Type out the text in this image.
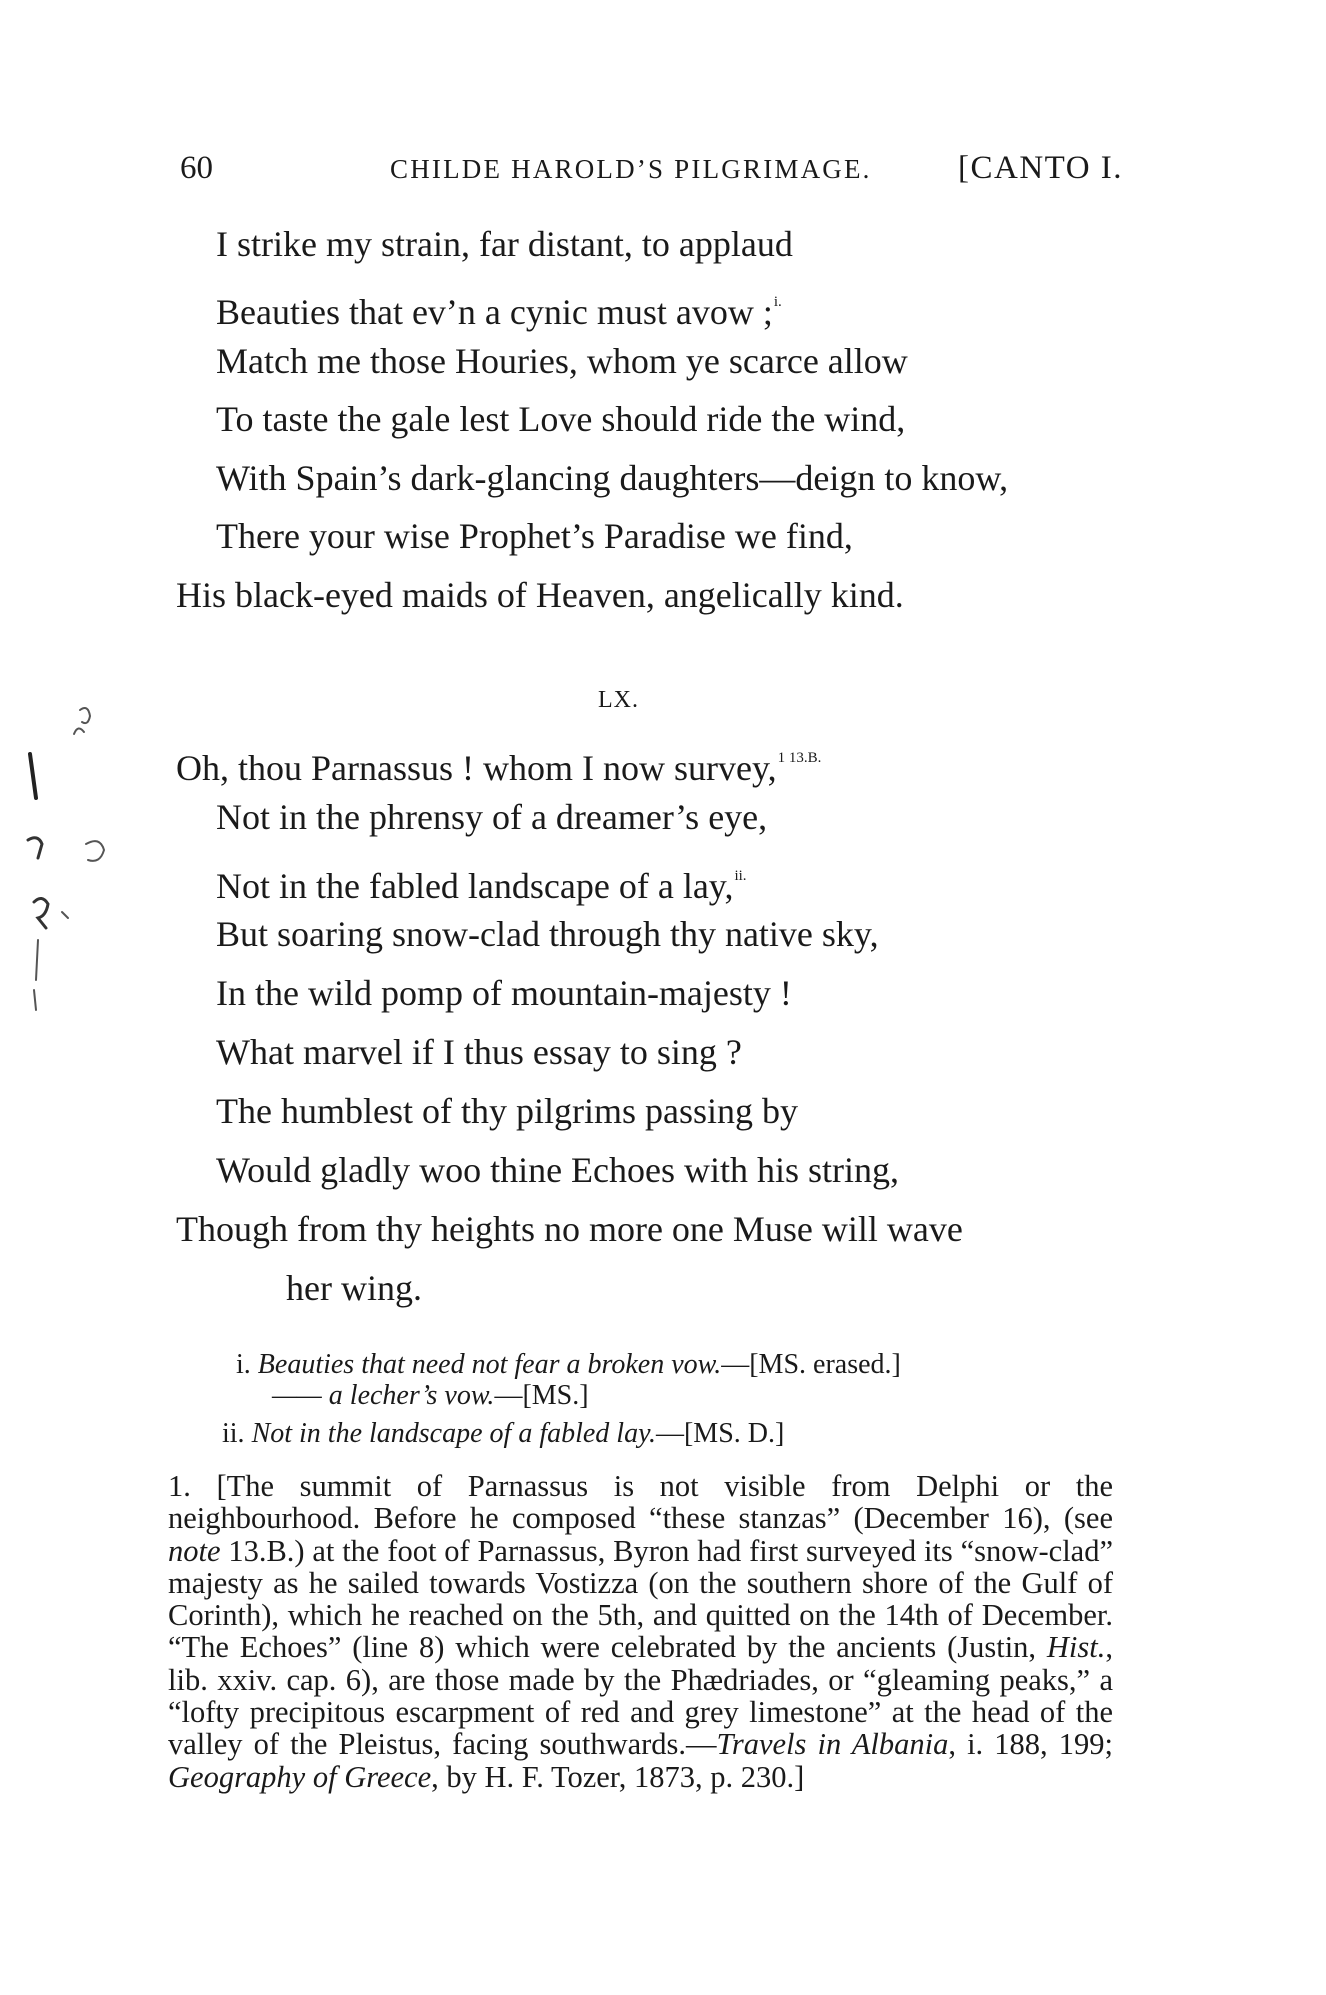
60	CHILDE HAROLD’S PILGRIMAGE.	[CANTO I.
I strike my strain, far distant, to applaud
Beauties that ev’n a cynic must avow ;$^{i.}$
Match me those Houries, whom ye scarce allow
To taste the gale lest Love should ride the wind,
With Spain’s dark-glancing daughters—deign to know,
There your wise Prophet’s Paradise we find,
His black-eyed maids of Heaven, angelically kind.
LX.
Oh, thou Parnassus ! whom I now survey,$^{1 13.B.}$
Not in the phrensy of a dreamer’s eye,
Not in the fabled landscape of a lay,$^{ii.}$
But soaring snow-clad through thy native sky,
In the wild pomp of mountain-majesty !
What marvel if I thus essay to sing ?
The humblest of thy pilgrims passing by
Would gladly woo thine Echoes with his string,
Though from thy heights no more one Muse will wave
her wing.
i. Beauties that need not fear a broken vow.—[MS. erased.]
—— a lecher’s vow.—[MS.]
ii. Not in the landscape of a fabled lay.—[MS. D.]
1. [The summit of Parnassus is not visible from Delphi or the neighbourhood. Before he composed “these stanzas” (December 16), (see note 13.B.) at the foot of Parnassus, Byron had first surveyed its “snow-clad” majesty as he sailed towards Vostizza (on the southern shore of the Gulf of Corinth), which he reached on the 5th, and quitted on the 14th of December. “The Echoes” (line 8) which were celebrated by the ancients (Justin, Hist., lib. xxiv. cap. 6), are those made by the Phædriades, or “gleaming peaks,” a “lofty precipitous escarpment of red and grey limestone” at the head of the valley of the Pleistus, facing southwards.—Travels in Albania, i. 188, 199; Geography of Greece, by H. F. Tozer, 1873, p. 230.]
